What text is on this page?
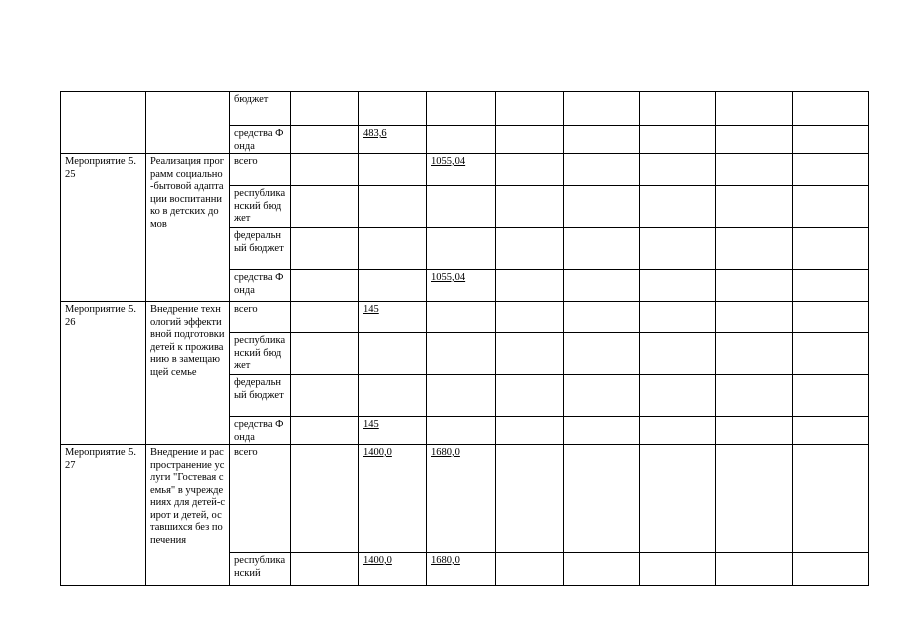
		бюджет									
		средства Фонда		483,6							
Мероприятие 5.25	Реализация программ социально-бытовой адаптации воспитаннико в детских домов	всего			1055,04						
		республиканский бюджет									
		федеральный бюджет									
		средства Фонда			1055,04						
Мероприятие 5.26	Внедрение технологий эффективной подготовки детей к проживанию в замещающей семье	всего		145							
		республиканский бюджет									
		федеральный бюджет									
		средства Фонда		145							
Мероприятие 5.27	Внедрение и распространение услуги "Гостевая семья" в учреждениях для детей-сирот и детей, оставшихся без попечения	всего		1400,0	1680,0						
		республиканский		1400,0	1680,0						
